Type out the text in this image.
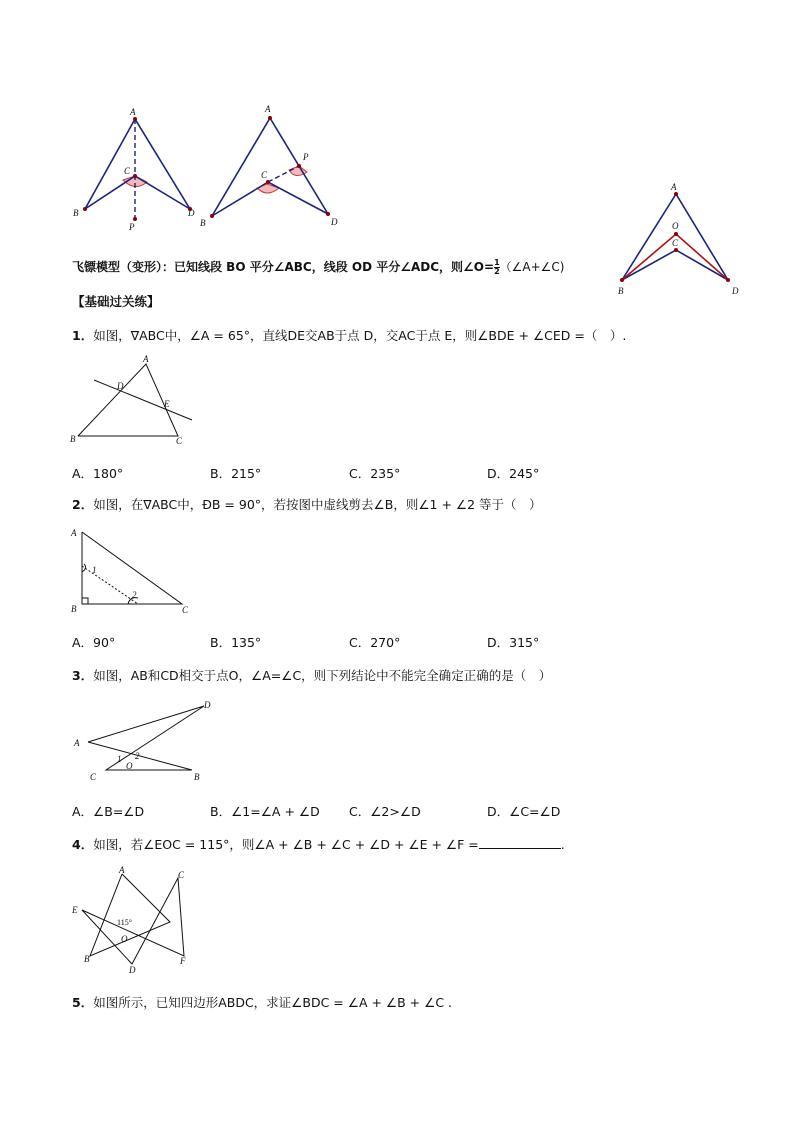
A
C
B	D
P
A
P
C
B	D
A
O
C
B	D
飞镖模型（变形）：已知线段 BO 平分∠ABC，线段 OD 平分∠ADC，则∠O= $\frac{1}{2}$ （∠A+∠C)
【基础过关练】
1．如图，∇ABC中，∠A = 65°，直线DE交AB于点 D，交AC于点 E，则∠BDE + ∠CED =（　）.
A
D
E
B	C
A．180°	B．215°	C．235°	D．245°
2．如图，在∇ABC中，ÐB = 90°，若按图中虚线剪去∠B，则∠1 + ∠2 等于（　）
A
1
2
B	C
A．90°	B．135°	C．270°	D．315°
3．如图，AB和CD相交于点O，∠A=∠C，则下列结论中不能完全确定正确的是（　）
D
A
1 2
O
C	B
A．∠B=∠D	B．∠1=∠A + ∠D C．∠2>∠D	D．∠C=∠D
4．如图，若∠EOC = 115°，则∠A + ∠B + ∠C + ∠D + ∠E + ∠F =	.
A
E
C
115°
O
B
D
F
5．如图所示，已知四边形ABDC，求证∠BDC = ∠A + ∠B + ∠C .
